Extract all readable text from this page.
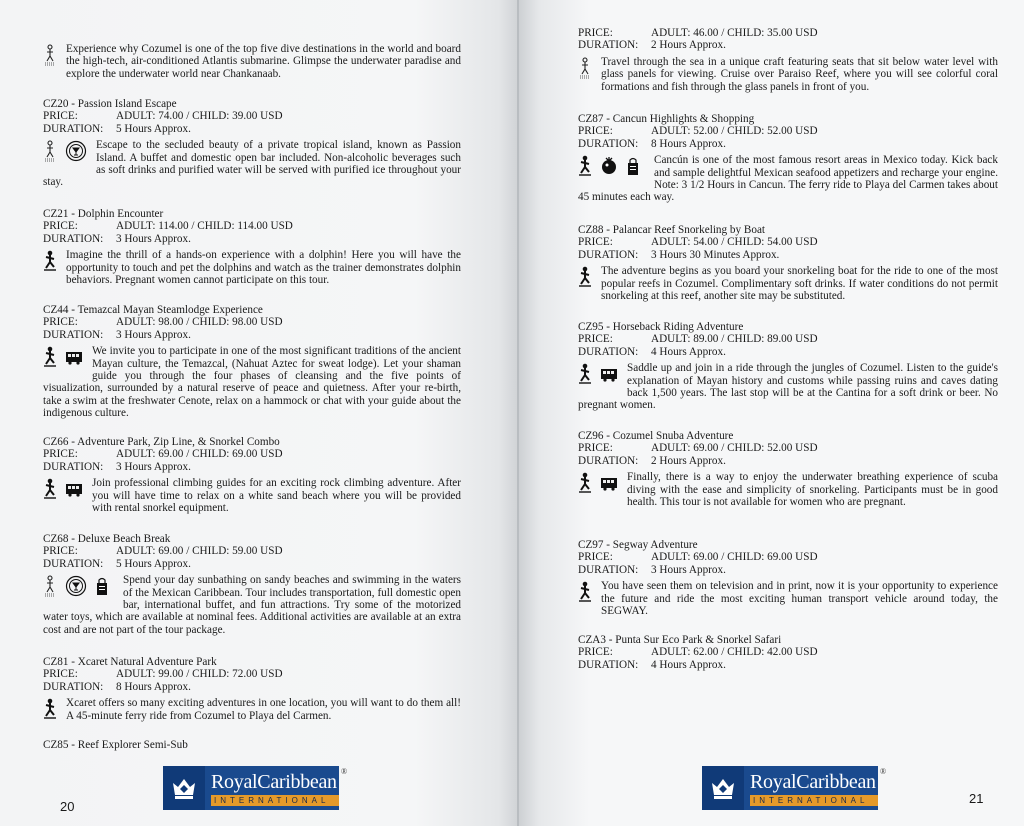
Experience why Cozumel is one of the top five dive destinations in the world and board the high-tech, air-conditioned Atlantis submarine. Glimpse the underwater paradise and explore the underwater world near Chankanaab.
CZ20 - Passion Island Escape
PRICE:	ADULT: 74.00 / CHILD: 39.00 USD
DURATION:	5 Hours Approx.
Escape to the secluded beauty of a private tropical island, known as Passion Island. A buffet and domestic open bar included. Non-alcoholic beverages such as soft drinks and purified water will be served with purified ice throughout your stay.
CZ21 - Dolphin Encounter
PRICE:	ADULT: 114.00 / CHILD: 114.00 USD
DURATION:	3 Hours Approx.
Imagine the thrill of a hands-on experience with a dolphin! Here you will have the opportunity to touch and pet the dolphins and watch as the trainer demonstrates dolphin behaviors. Pregnant women cannot participate on this tour.
CZ44 - Temazcal Mayan Steamlodge Experience
PRICE:	ADULT: 98.00 / CHILD: 98.00 USD
DURATION:	3 Hours Approx.
We invite you to participate in one of the most significant traditions of the ancient Mayan culture, the Temazcal, (Nahuat Aztec for sweat lodge). Let your shaman guide you through the four phases of cleansing and the five points of visualization, surrounded by a natural reserve of peace and quietness. After your re-birth, take a swim at the freshwater Cenote, relax on a hammock or chat with your guide about the indigenous culture.
CZ66 - Adventure Park, Zip Line, & Snorkel Combo
PRICE:	ADULT: 69.00 / CHILD: 69.00 USD
DURATION:	3 Hours Approx.
Join professional climbing guides for an exciting rock climbing adventure. After you will have time to relax on a white sand beach where you will be provided with rental snorkel equipment.
CZ68 - Deluxe Beach Break
PRICE:	ADULT: 69.00 / CHILD: 59.00 USD
DURATION:	5 Hours Approx.
Spend your day sunbathing on sandy beaches and swimming in the waters of the Mexican Caribbean. Tour includes transportation, full domestic open bar, international buffet, and fun attractions. Try some of the motorized water toys, which are available at nominal fees. Additional activities are available at an extra cost and are not part of the tour package.
CZ81 - Xcaret Natural Adventure Park
PRICE:	ADULT: 99.00 / CHILD: 72.00 USD
DURATION:	8 Hours Approx.
Xcaret offers so many exciting adventures in one location, you will want to do them all! A 45-minute ferry ride from Cozumel to Playa del Carmen.
CZ85 - Reef Explorer Semi-Sub
20
RoyalCaribbean
INTERNATIONAL
®
PRICE:	ADULT: 46.00 / CHILD: 35.00 USD
DURATION:	2 Hours Approx.
Travel through the sea in a unique craft featuring seats that sit below water level with glass panels for viewing. Cruise over Paraiso Reef, where you will see colorful coral formations and fish through the glass panels in front of you.
CZ87 - Cancun Highlights & Shopping
PRICE:	ADULT: 52.00 / CHILD: 52.00 USD
DURATION:	8 Hours Approx.
Cancún is one of the most famous resort areas in Mexico today. Kick back and sample delightful Mexican seafood appetizers and recharge your engine. Note: 3 1/2 Hours in Cancun. The ferry ride to Playa del Carmen takes about 45 minutes each way.
CZ88 - Palancar Reef Snorkeling by Boat
PRICE:	ADULT: 54.00 / CHILD: 54.00 USD
DURATION:	3 Hours 30 Minutes Approx.
The adventure begins as you board your snorkeling boat for the ride to one of the most popular reefs in Cozumel. Complimentary soft drinks. If water conditions do not permit snorkeling at this reef, another site may be substituted.
CZ95 - Horseback Riding Adventure
PRICE:	ADULT: 89.00 / CHILD: 89.00 USD
DURATION:	4 Hours Approx.
Saddle up and join in a ride through the jungles of Cozumel. Listen to the guide's explanation of Mayan history and customs while passing ruins and caves dating back 1,500 years. The last stop will be at the Cantina for a soft drink or beer. No pregnant women.
CZ96 - Cozumel Snuba Adventure
PRICE:	ADULT: 69.00 / CHILD: 52.00 USD
DURATION:	2 Hours Approx.
Finally, there is a way to enjoy the underwater breathing experience of scuba diving with the ease and simplicity of snorkeling. Participants must be in good health. This tour is not available for women who are pregnant.
CZ97 - Segway Adventure
PRICE:	ADULT: 69.00 / CHILD: 69.00 USD
DURATION:	3 Hours Approx.
You have seen them on television and in print, now it is your opportunity to experience the future and ride the most exciting human transport vehicle around today, the SEGWAY.
CZA3 - Punta Sur Eco Park & Snorkel Safari
PRICE:	ADULT: 62.00 / CHILD: 42.00 USD
DURATION:	4 Hours Approx.
RoyalCaribbean
INTERNATIONAL
®
21
